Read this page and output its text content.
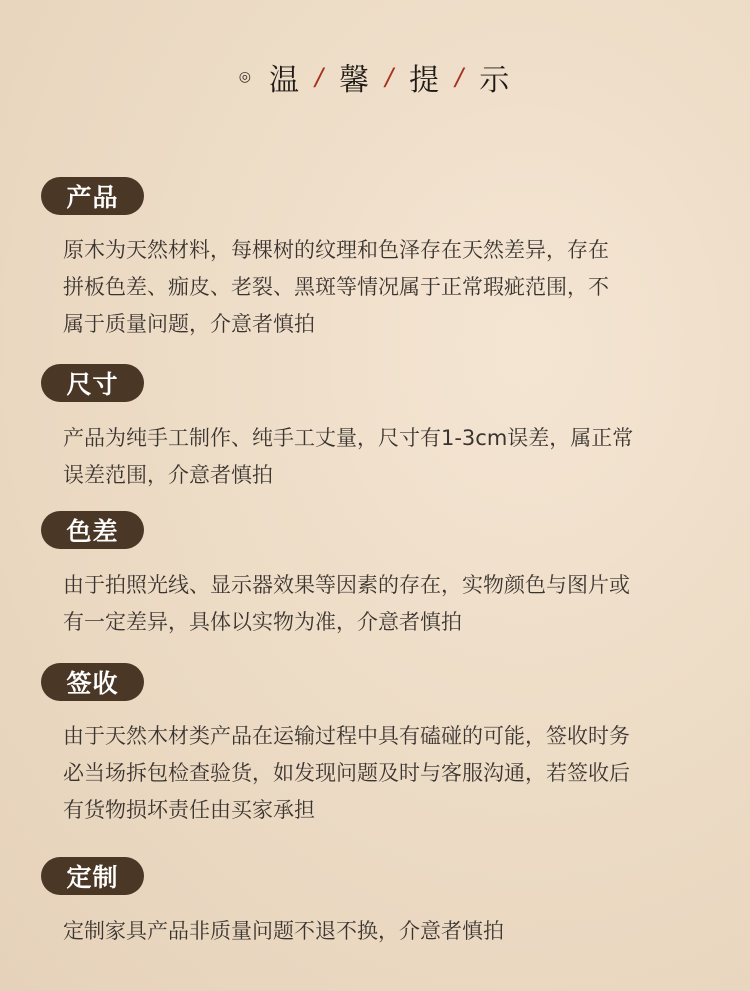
◎ 温 / 馨 / 提 / 示
产品
原木为天然材料，每棵树的纹理和色泽存在天然差异，存在
拼板色差、痂皮、老裂、黑斑等情况属于正常瑕疵范围，不
属于质量问题，介意者慎拍
尺寸
产品为纯手工制作、纯手工丈量，尺寸有1-3cm误差，属正常
误差范围，介意者慎拍
色差
由于拍照光线、显示器效果等因素的存在，实物颜色与图片或
有一定差异，具体以实物为准，介意者慎拍
签收
由于天然木材类产品在运输过程中具有磕碰的可能，签收时务
必当场拆包检查验货，如发现问题及时与客服沟通，若签收后
有货物损坏责任由买家承担
定制
定制家具产品非质量问题不退不换，介意者慎拍
